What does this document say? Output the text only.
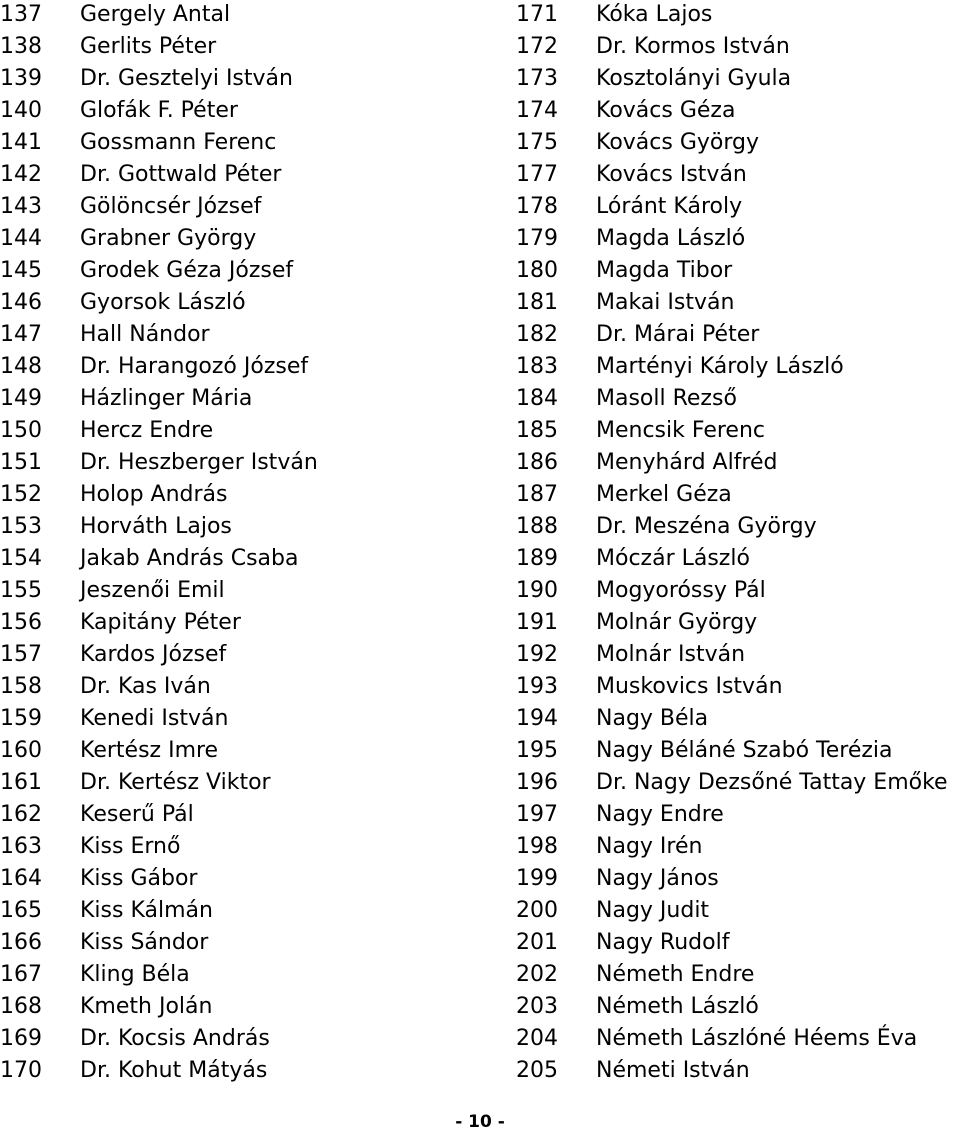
137 Gergely Antal
138 Gerlits Péter
139 Dr. Gesztelyi István
140 Glofák F. Péter
141 Gossmann Ferenc
142 Dr. Gottwald Péter
143 Gölöncsér József
144 Grabner György
145 Grodek Géza József
146 Gyorsok László
147 Hall Nándor
148 Dr. Harangozó József
149 Házlinger Mária
150 Hercz Endre
151 Dr. Heszberger István
152 Holop András
153 Horváth Lajos
154 Jakab András Csaba
155 Jeszenői Emil
156 Kapitány Péter
157 Kardos József
158 Dr. Kas Iván
159 Kenedi István
160 Kertész Imre
161 Dr. Kertész Viktor
162 Keserű Pál
163 Kiss Ernő
164 Kiss Gábor
165 Kiss Kálmán
166 Kiss Sándor
167 Kling Béla
168 Kmeth Jolán
169 Dr. Kocsis András
170 Dr. Kohut Mátyás
171 Kóka Lajos
172 Dr. Kormos István
173 Kosztolányi Gyula
174 Kovács Géza
175 Kovács György
177 Kovács István
178 Lóránt Károly
179 Magda László
180 Magda Tibor
181 Makai István
182 Dr. Márai Péter
183 Martényi Károly László
184 Masoll Rezső
185 Mencsik Ferenc
186 Menyhárd Alfréd
187 Merkel Géza
188 Dr. Meszéna György
189 Móczár László
190 Mogyoróssy Pál
191 Molnár György
192 Molnár István
193 Muskovics István
194 Nagy Béla
195 Nagy Béláné Szabó Terézia
196 Dr. Nagy Dezsőné Tattay Emőke
197 Nagy Endre
198 Nagy Irén
199 Nagy János
200 Nagy Judit
201 Nagy Rudolf
202 Németh Endre
203 Németh László
204 Németh Lászlóné Héems Éva
205 Németi István
- 10 -
